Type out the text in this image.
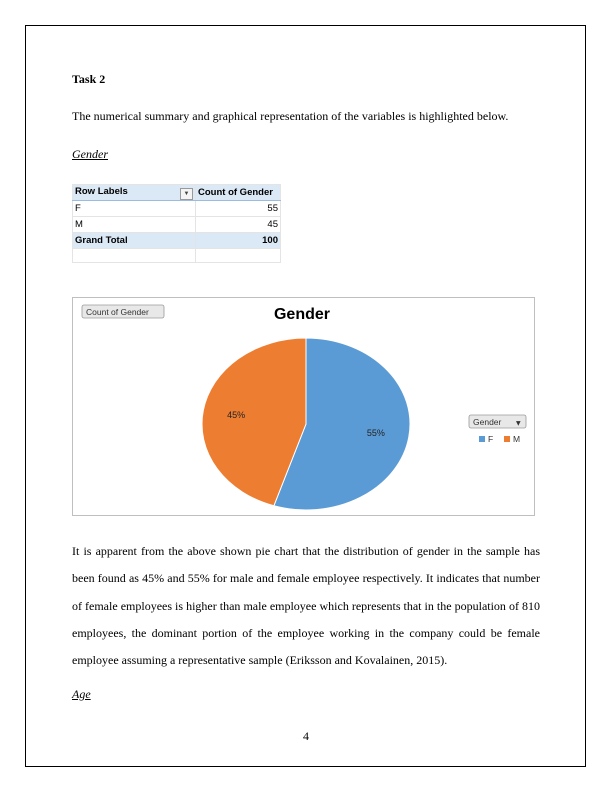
Task 2
The numerical summary and graphical representation of the variables is highlighted below.
Gender
Row Labels ▼	Count of Gender
F	55
M	45
Grand Total	100

Count of Gender	Gender
55%
45%
Gender ▼
F M
It is apparent from the above shown pie chart that the distribution of gender in the sample has been found as 45% and 55% for male and female employee respectively. It indicates that number of female employees is higher than male employee which represents that in the population of 810 employees, the dominant portion of the employee working in the company could be female employee assuming a representative sample (Eriksson and Kovalainen, 2015).
Age
4
